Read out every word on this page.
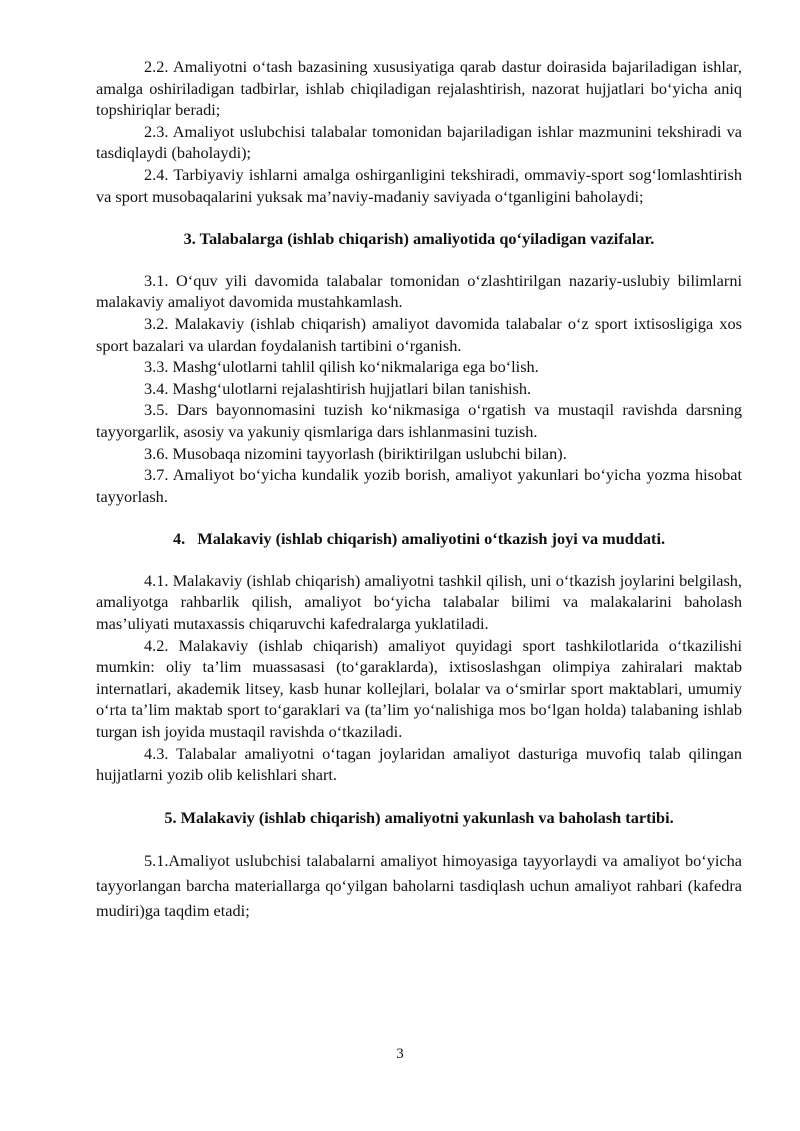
2.2. Amaliyotni o‘tash bazasining xususiyatiga qarab dastur doirasida bajariladigan ishlar, amalga oshiriladigan tadbirlar, ishlab chiqiladigan rejalashtirish, nazorat hujjatlari bo‘yicha aniq topshiriqlar beradi;

2.3. Amaliyot uslubchisi talabalar tomonidan bajariladigan ishlar mazmunini tekshiradi va tasdiqlaydi (baholaydi);

2.4. Tarbiyaviy ishlarni amalga oshirganligini tekshiradi, ommaviy-sport sog‘lomlashtirish va sport musobaqalarini yuksak ma’naviy-madaniy saviyada o‘tganligini baholaydi;

3. Talabalarga (ishlab chiqarish) amaliyotida qo‘yiladigan vazifalar.

3.1. O‘quv yili davomida talabalar tomonidan o‘zlashtirilgan nazariy-uslubiy bilimlarni malakaviy amaliyot davomida mustahkamlash.

3.2. Malakaviy (ishlab chiqarish) amaliyot davomida talabalar o‘z sport ixtisosligiga xos sport bazalari va ulardan foydalanish tartibini o‘rganish.

3.3. Mashg‘ulotlarni tahlil qilish ko‘nikmalariga ega bo‘lish.

3.4. Mashg‘ulotlarni rejalashtirish hujjatlari bilan tanishish.

3.5. Dars bayonnomasini tuzish ko‘nikmasiga o‘rgatish va mustaqil ravishda darsning tayyorgarlik, asosiy va yakuniy qismlariga dars ishlanmasini tuzish.

3.6. Musobaqa nizomini tayyorlash (biriktirilgan uslubchi bilan).

3.7. Amaliyot bo‘yicha kundalik yozib borish, amaliyot yakunlari bo‘yicha yozma hisobat tayyorlash.

4.   Malakaviy (ishlab chiqarish) amaliyotini o‘tkazish joyi va muddati.

4.1. Malakaviy (ishlab chiqarish) amaliyotni tashkil qilish, uni o‘tkazish joylarini belgilash, amaliyotga rahbarlik qilish, amaliyot bo‘yicha talabalar bilimi va malakalarini baholash mas’uliyati mutaxassis chiqaruvchi kafedralarga yuklatiladi.

4.2. Malakaviy (ishlab chiqarish) amaliyot quyidagi sport tashkilotlarida o‘tkazilishi mumkin: oliy ta’lim muassasasi (to‘garaklarda), ixtisoslashgan olimpiya zahiralari maktab internatlari, akademik litsey, kasb hunar kollejlari, bolalar va o‘smirlar sport maktablari, umumiy o‘rta ta’lim maktab sport to‘garaklari va (ta’lim yo‘nalishiga mos bo‘lgan holda) talabaning ishlab turgan ish joyida mustaqil ravishda o‘tkaziladi.

4.3. Talabalar amaliyotni o‘tagan joylaridan amaliyot dasturiga muvofiq talab qilingan hujjatlarni yozib olib kelishlari shart.

5. Malakaviy (ishlab chiqarish) amaliyotni yakunlash va baholash tartibi.

5.1.Amaliyot uslubchisi talabalarni amaliyot himoyasiga tayyorlaydi va amaliyot bo‘yicha tayyorlangan barcha materiallarga qo‘yilgan baholarni tasdiqlash uchun amaliyot rahbari (kafedra mudiri)ga taqdim etadi;

3
